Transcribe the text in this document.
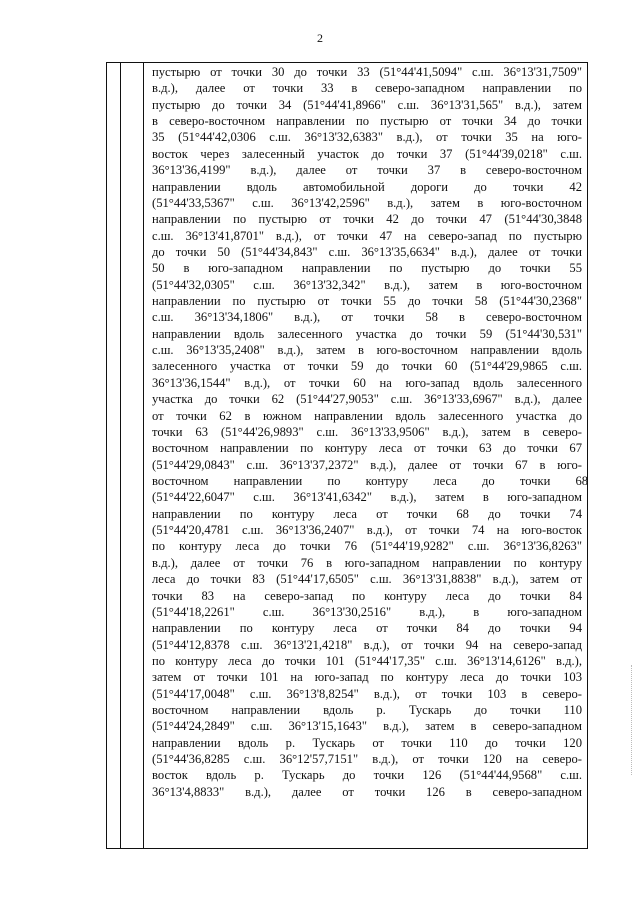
2
пустырю от точки 30 до точки 33 (51°44'41,5094" с.ш. 36°13'31,7509"
в.д.), далее от точки 33 в северо-западном направлении по
пустырю до точки 34 (51°44'41,8966" с.ш. 36°13'31,565" в.д.), затем
в северо-восточном направлении по пустырю от точки 34 до точки
35 (51°44'42,0306 с.ш. 36°13'32,6383" в.д.), от точки 35 на юго-
восток через залесенный участок до точки 37 (51°44'39,0218" с.ш.
36°13'36,4199" в.д.), далее от точки 37 в северо-восточном
направлении вдоль автомобильной дороги до точки 42
(51°44'33,5367" с.ш. 36°13'42,2596" в.д.), затем в юго-восточном
направлении по пустырю от точки 42 до точки 47 (51°44'30,3848
с.ш. 36°13'41,8701" в.д.), от точки 47 на северо-запад по пустырю
до точки 50 (51°44'34,843" с.ш. 36°13'35,6634" в.д.), далее от точки
50 в юго-западном направлении по пустырю до точки 55
(51°44'32,0305" с.ш. 36°13'32,342" в.д.), затем в юго-восточном
направлении по пустырю от точки 55 до точки 58 (51°44'30,2368"
с.ш. 36°13'34,1806" в.д.), от точки 58 в северо-восточном
направлении вдоль залесенного участка до точки 59 (51°44'30,531"
с.ш. 36°13'35,2408" в.д.), затем в юго-восточном направлении вдоль
залесенного участка от точки 59 до точки 60 (51°44'29,9865 с.ш.
36°13'36,1544" в.д.), от точки 60 на юго-запад вдоль залесенного
участка до точки 62 (51°44'27,9053" с.ш. 36°13'33,6967" в.д.), далее
от точки 62 в южном направлении вдоль залесенного участка до
точки 63 (51°44'26,9893" с.ш. 36°13'33,9506" в.д.), затем в северо-
восточном направлении по контуру леса от точки 63 до точки 67
(51°44'29,0843" с.ш. 36°13'37,2372" в.д.), далее от точки 67 в юго-
восточном направлении по контуру леса до точки 68
(51°44'22,6047" с.ш. 36°13'41,6342" в.д.), затем в юго-западном
направлении по контуру леса от точки 68 до точки 74
(51°44'20,4781 с.ш. 36°13'36,2407" в.д.), от точки 74 на юго-восток
по контуру леса до точки 76 (51°44'19,9282" с.ш. 36°13'36,8263"
в.д.), далее от точки 76 в юго-западном направлении по контуру
леса до точки 83 (51°44'17,6505" с.ш. 36°13'31,8838" в.д.), затем от
точки 83 на северо-запад по контуру леса до точки 84
(51°44'18,2261" с.ш. 36°13'30,2516" в.д.), в юго-западном
направлении по контуру леса от точки 84 до точки 94
(51°44'12,8378 с.ш. 36°13'21,4218" в.д.), от точки 94 на северо-запад
по контуру леса до точки 101 (51°44'17,35" с.ш. 36°13'14,6126" в.д.),
затем от точки 101 на юго-запад по контуру леса до точки 103
(51°44'17,0048" с.ш. 36°13'8,8254" в.д.), от точки 103 в северо-
восточном направлении вдоль р. Тускарь до точки 110
(51°44'24,2849" с.ш. 36°13'15,1643" в.д.), затем в северо-западном
направлении вдоль р. Тускарь от точки 110 до точки 120
(51°44'36,8285 с.ш. 36°12'57,7151" в.д.), от точки 120 на северо-
восток вдоль р. Тускарь до точки 126 (51°44'44,9568" с.ш.
36°13'4,8833" в.д.), далее от точки 126 в северо-западном
